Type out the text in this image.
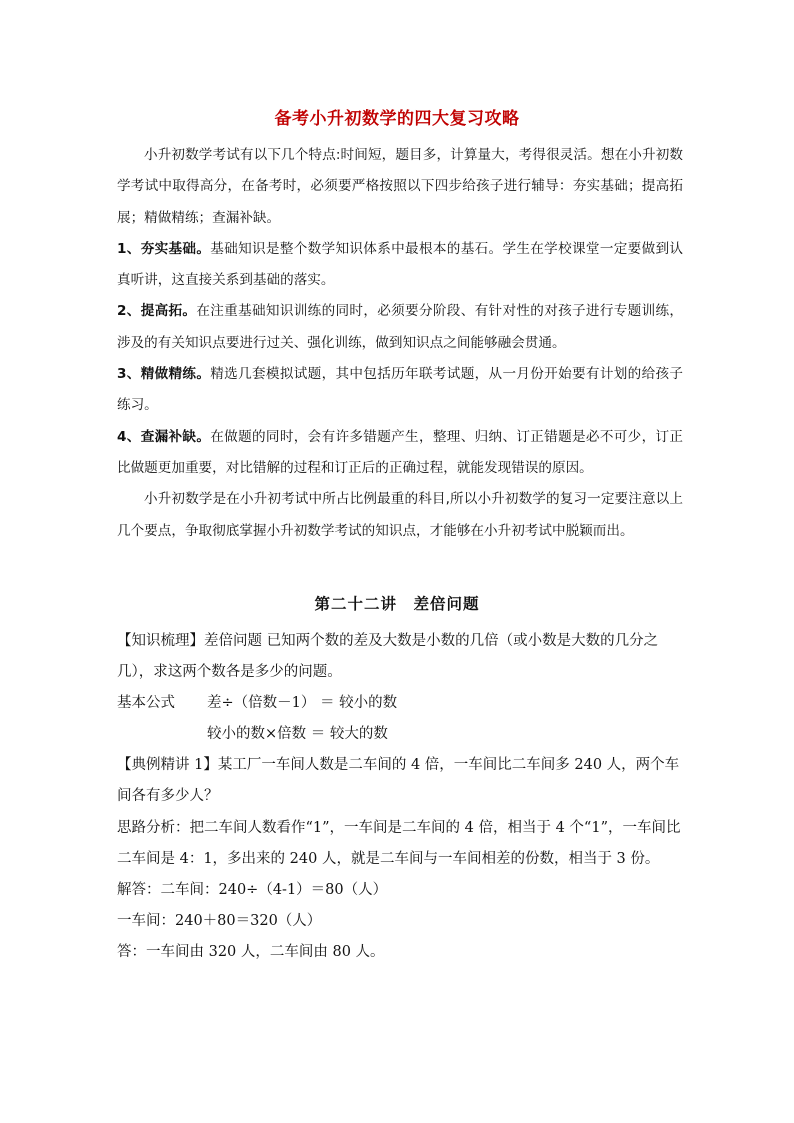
备考小升初数学的四大复习攻略

小升初数学考试有以下几个特点:时间短，题目多，计算量大，考得很灵活。想在小升初数学考试中取得高分，在备考时，必须要严格按照以下四步给孩子进行辅导：夯实基础；提高拓展；精做精练；查漏补缺。

1、夯实基础。基础知识是整个数学知识体系中最根本的基石。学生在学校课堂一定要做到认真听讲，这直接关系到基础的落实。

2、提高拓。在注重基础知识训练的同时，必须要分阶段、有针对性的对孩子进行专题训练，涉及的有关知识点要进行过关、强化训练，做到知识点之间能够融会贯通。

3、精做精练。精选几套模拟试题，其中包括历年联考试题，从一月份开始要有计划的给孩子练习。

4、查漏补缺。在做题的同时，会有许多错题产生，整理、归纳、订正错题是必不可少，订正比做题更加重要，对比错解的过程和订正后的正确过程，就能发现错误的原因。

小升初数学是在小升初考试中所占比例最重的科目,所以小升初数学的复习一定要注意以上几个要点，争取彻底掌握小升初数学考试的知识点，才能够在小升初考试中脱颖而出。

第二十二讲　差倍问题

【知识梳理】差倍问题 已知两个数的差及大数是小数的几倍（或小数是大数的几分之几），求这两个数各是多少的问题。

基本公式	差÷（倍数－1） ＝ 较小的数
较小的数×倍数 ＝ 较大的数

【典例精讲 1】某工厂一车间人数是二车间的 4 倍，一车间比二车间多 240 人，两个车间各有多少人？

思路分析：把二车间人数看作“1”，一车间是二车间的 4 倍，相当于 4 个“1”，一车间比二车间是 4：1，多出来的 240 人，就是二车间与一车间相差的份数，相当于 3 份。

解答：二车间：240÷（4-1）＝80（人）

一车间：240＋80＝320（人）

答：一车间由 320 人，二车间由 80 人。
